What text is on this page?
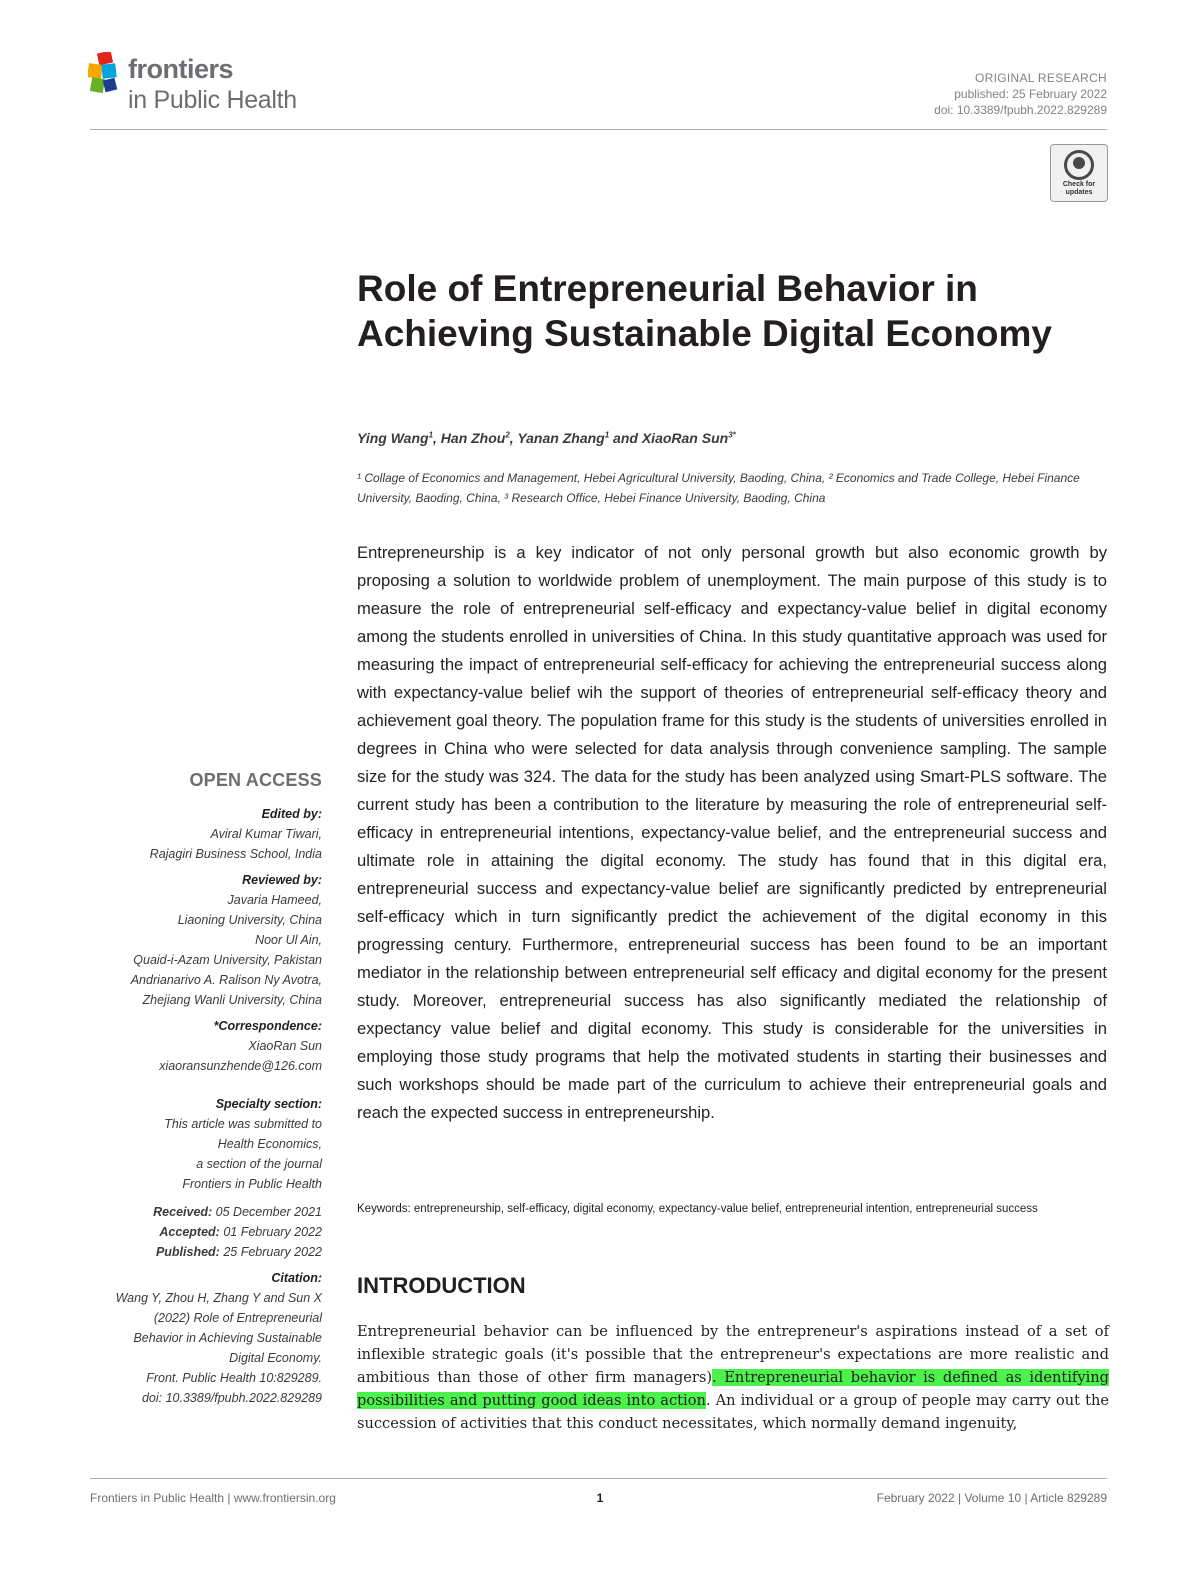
frontiers
in Public Health
ORIGINAL RESEARCH
published: 25 February 2022
doi: 10.3389/fpubh.2022.829289
Check for
updates
Role of Entrepreneurial Behavior in Achieving Sustainable Digital Economy
Ying Wang$^1$, Han Zhou$^2$, Yanan Zhang$^1$ and XiaoRan Sun$^{3*}$
¹ Collage of Economics and Management, Hebei Agricultural University, Baoding, China, ² Economics and Trade College, Hebei Finance University, Baoding, China, ³ Research Office, Hebei Finance University, Baoding, China

Entrepreneurship is a key indicator of not only personal growth but also economic growth by proposing a solution to worldwide problem of unemployment. The main purpose of this study is to measure the role of entrepreneurial self-efficacy and expectancy-value belief in digital economy among the students enrolled in universities of China. In this study quantitative approach was used for measuring the impact of entrepreneurial self-efficacy for achieving the entrepreneurial success along with expectancy-value belief wih the support of theories of entrepreneurial self-efficacy theory and achievement goal theory. The population frame for this study is the students of universities enrolled in degrees in China who were selected for data analysis through convenience sampling. The sample size for the study was 324. The data for the study has been analyzed using Smart-PLS software. The current study has been a contribution to the literature by measuring the role of entrepreneurial self-efficacy in entrepreneurial intentions, expectancy-value belief, and the entrepreneurial success and ultimate role in attaining the digital economy. The study has found that in this digital era, entrepreneurial success and expectancy-value belief are significantly predicted by entrepreneurial self-efficacy which in turn significantly predict the achievement of the digital economy in this progressing century. Furthermore, entrepreneurial success has been found to be an important mediator in the relationship between entrepreneurial self efficacy and digital economy for the present study. Moreover, entrepreneurial success has also significantly mediated the relationship of expectancy value belief and digital economy. This study is considerable for the universities in employing those study programs that help the motivated students in starting their businesses and such workshops should be made part of the curriculum to achieve their entrepreneurial goals and reach the expected success in entrepreneurship.

Keywords: entrepreneurship, self-efficacy, digital economy, expectancy-value belief, entrepreneurial intention, entrepreneurial success
INTRODUCTION

Entrepreneurial behavior can be influenced by the entrepreneur's aspirations instead of a set of inflexible strategic goals (it's possible that the entrepreneur's expectations are more realistic and ambitious than those of other firm managers). Entrepreneurial behavior is defined as identifying possibilities and putting good ideas into action. An individual or a group of people may carry out the succession of activities that this conduct necessitates, which normally demand ingenuity,

OPEN ACCESS
Edited by:
Aviral Kumar Tiwari,
Rajagiri Business School, India
Reviewed by:
Javaria Hameed,
Liaoning University, China
Noor Ul Ain,
Quaid-i-Azam University, Pakistan
Andrianarivo A. Ralison Ny Avotra,
Zhejiang Wanli University, China
*Correspondence:
XiaoRan Sun
xiaoransunzhende@126.com
Specialty section:
This article was submitted to
Health Economics,
a section of the journal
Frontiers in Public Health
Received: 05 December 2021
Accepted: 01 February 2022
Published: 25 February 2022
Citation:
Wang Y, Zhou H, Zhang Y and Sun X
(2022) Role of Entrepreneurial
Behavior in Achieving Sustainable
Digital Economy.
Front. Public Health 10:829289.
doi: 10.3389/fpubh.2022.829289
Frontiers in Public Health | www.frontiersin.org	1	February 2022 | Volume 10 | Article 829289
